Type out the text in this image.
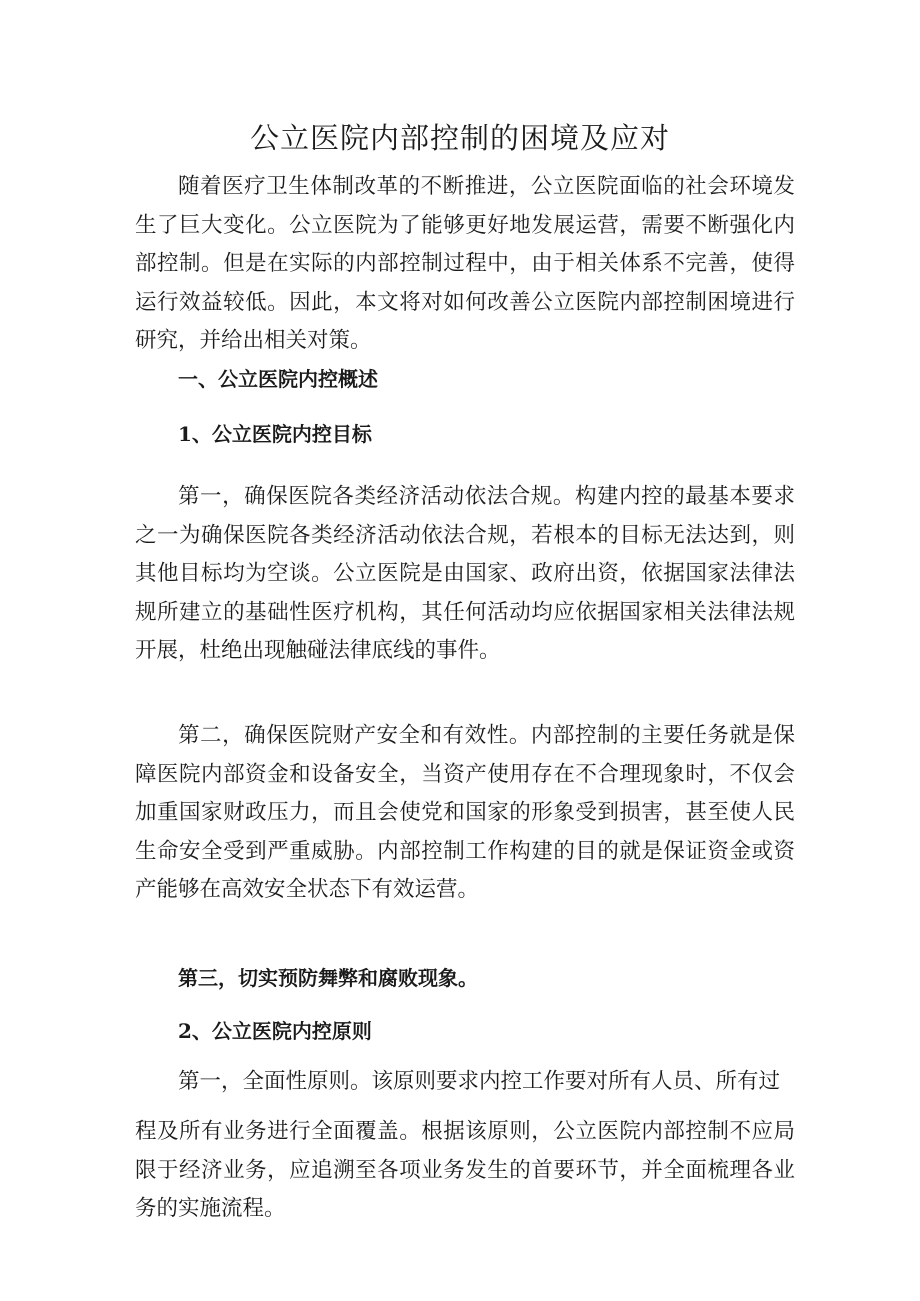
公立医院内部控制的困境及应对

随着医疗卫生体制改革的不断推进，公立医院面临的社会环境发生了巨大变化。公立医院为了能够更好地发展运营，需要不断强化内部控制。但是在实际的内部控制过程中，由于相关体系不完善，使得运行效益较低。因此，本文将对如何改善公立医院内部控制困境进行研究，并给出相关对策。

一、公立医院内控概述

1、公立医院内控目标

第一，确保医院各类经济活动依法合规。构建内控的最基本要求之一为确保医院各类经济活动依法合规，若根本的目标无法达到，则其他目标均为空谈。公立医院是由国家、政府出资，依据国家法律法规所建立的基础性医疗机构，其任何活动均应依据国家相关法律法规开展，杜绝出现触碰法律底线的事件。

第二，确保医院财产安全和有效性。内部控制的主要任务就是保障医院内部资金和设备安全，当资产使用存在不合理现象时，不仅会加重国家财政压力，而且会使党和国家的形象受到损害，甚至使人民生命安全受到严重威胁。内部控制工作构建的目的就是保证资金或资产能够在高效安全状态下有效运营。

第三，切实预防舞弊和腐败现象。

2、公立医院内控原则

第一，全面性原则。该原则要求内控工作要对所有人员、所有过

程及所有业务进行全面覆盖。根据该原则，公立医院内部控制不应局限于经济业务，应追溯至各项业务发生的首要环节，并全面梳理各业务的实施流程。
